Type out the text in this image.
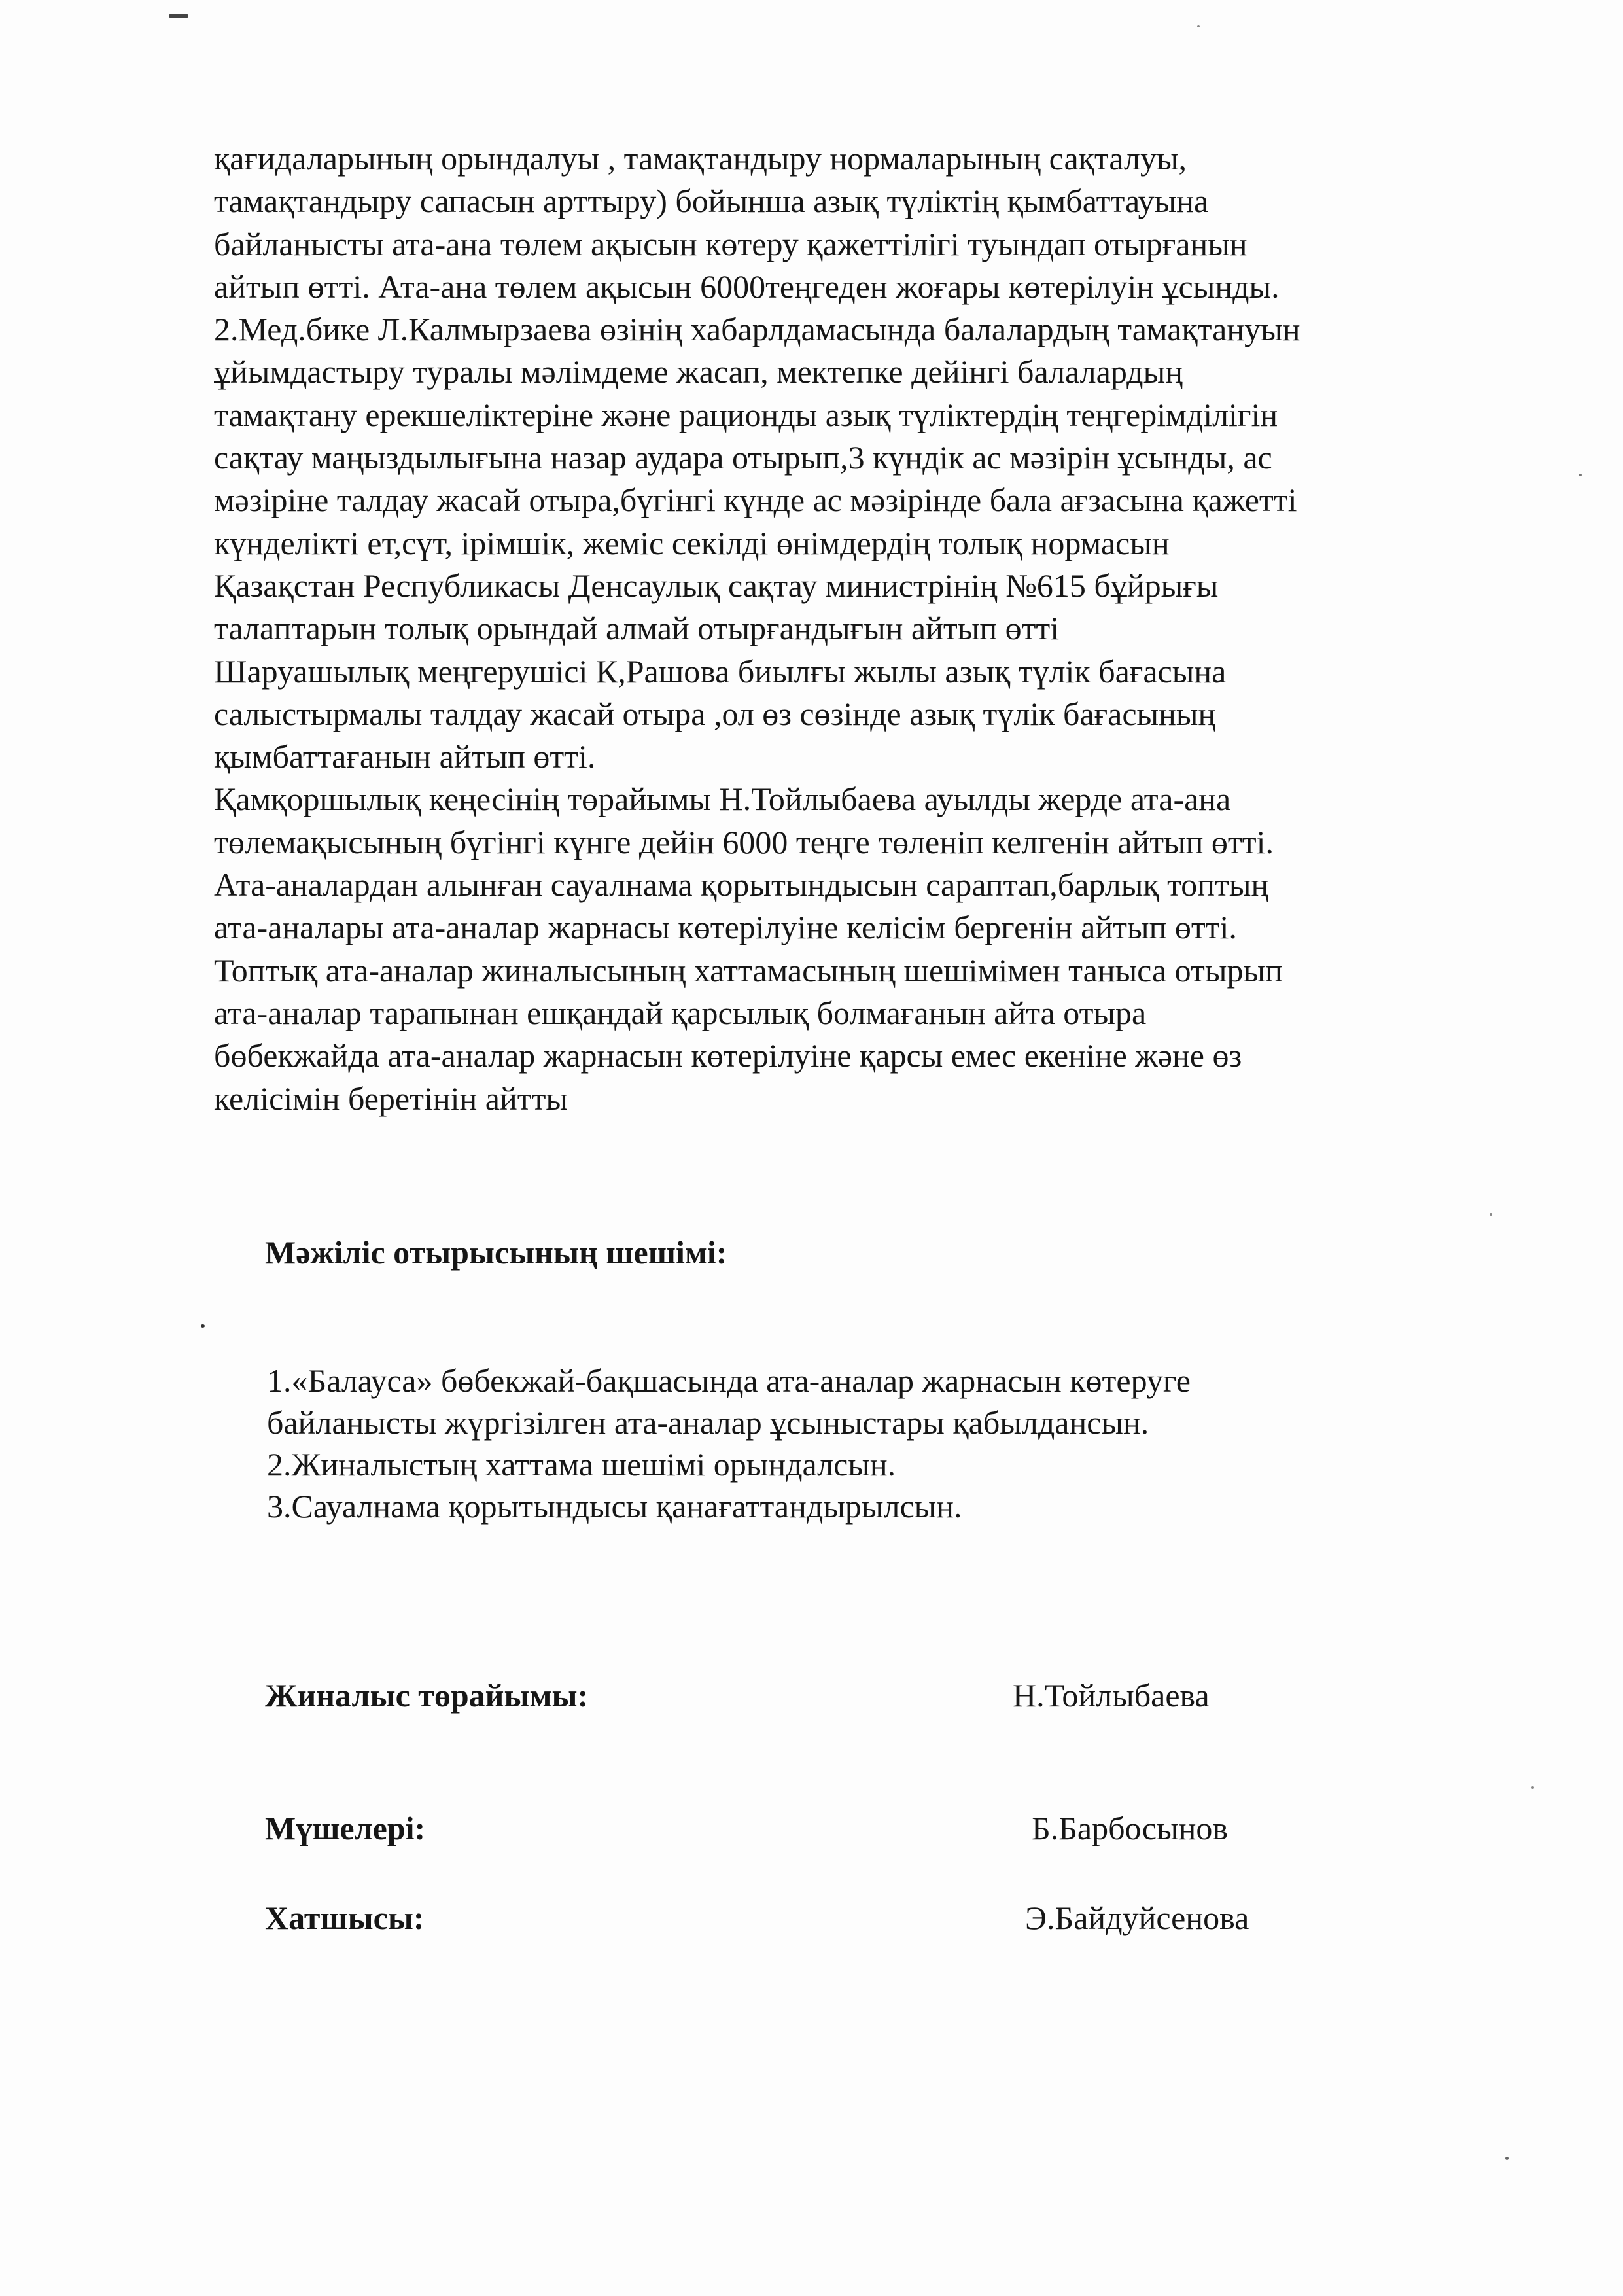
қағидаларының орындалуы , тамақтандыру нормаларының сақталуы,
тамақтандыру сапасын арттыру) бойынша азық түліктің қымбаттауына
байланысты ата-ана төлем ақысын көтеру қажеттілігі туындап отырғанын
айтып өтті. Ата-ана төлем ақысын 6000теңгеден жоғары көтерілуін ұсынды.
2.Мед.бике Л.Калмырзаева өзінің хабарлдамасында балалардың тамақтануын
ұйымдастыру туралы мәлімдеме жасап, мектепке дейінгі балалардың
тамақтану ерекшеліктеріне және рационды азық түліктердің теңгерімділігін
сақтау маңыздылығына назар аудара отырып,3 күндік ас мәзірін ұсынды, ас
мәзіріне талдау жасай отыра,бүгінгі күнде ас мәзірінде бала ағзасына қажетті
күнделікті ет,сүт, ірімшік, жеміс секілді өнімдердің толық нормасын
Қазақстан Республикасы Денсаулық сақтау министрінің №615 бұйрығы
талаптарын толық орындай алмай отырғандығын айтып өтті
Шаруашылық меңгерушісі К,Рашова биылғы жылы азық түлік бағасына
салыстырмалы талдау жасай отыра ,ол өз сөзінде азық түлік бағасының
қымбаттағанын айтып өтті.
Қамқоршылық кеңесінің төрайымы Н.Тойлыбаева ауылды жерде ата-ана
төлемақысының бүгінгі күнге дейін 6000 теңге төленіп келгенін айтып өтті.
Ата-аналардан алынған сауалнама қорытындысын сараптап,барлық топтың
ата-аналары ата-аналар жарнасы көтерілуіне келісім бергенін айтып өтті.
Топтық ата-аналар жиналысының хаттамасының шешімімен таныса отырып
ата-аналар тарапынан ешқандай қарсылық болмағанын айта отыра
бөбекжайда ата-аналар жарнасын көтерілуіне қарсы емес екеніне және өз
келісімін беретінін айтты
Мәжіліс отырысының шешімі:
1.«Балауса» бөбекжай-бақшасында ата-аналар жарнасын көтеруге
байланысты жүргізілген ата-аналар ұсыныстары қабылдансын.
2.Жиналыстың хаттама шешімі орындалсын.
3.Сауалнама қорытындысы қанағаттандырылсын.
Жиналыс төрайымы:	Н.Тойлыбаева
Мүшелері:	Б.Барбосынов
Хатшысы:	Э.Байдуйсенова
